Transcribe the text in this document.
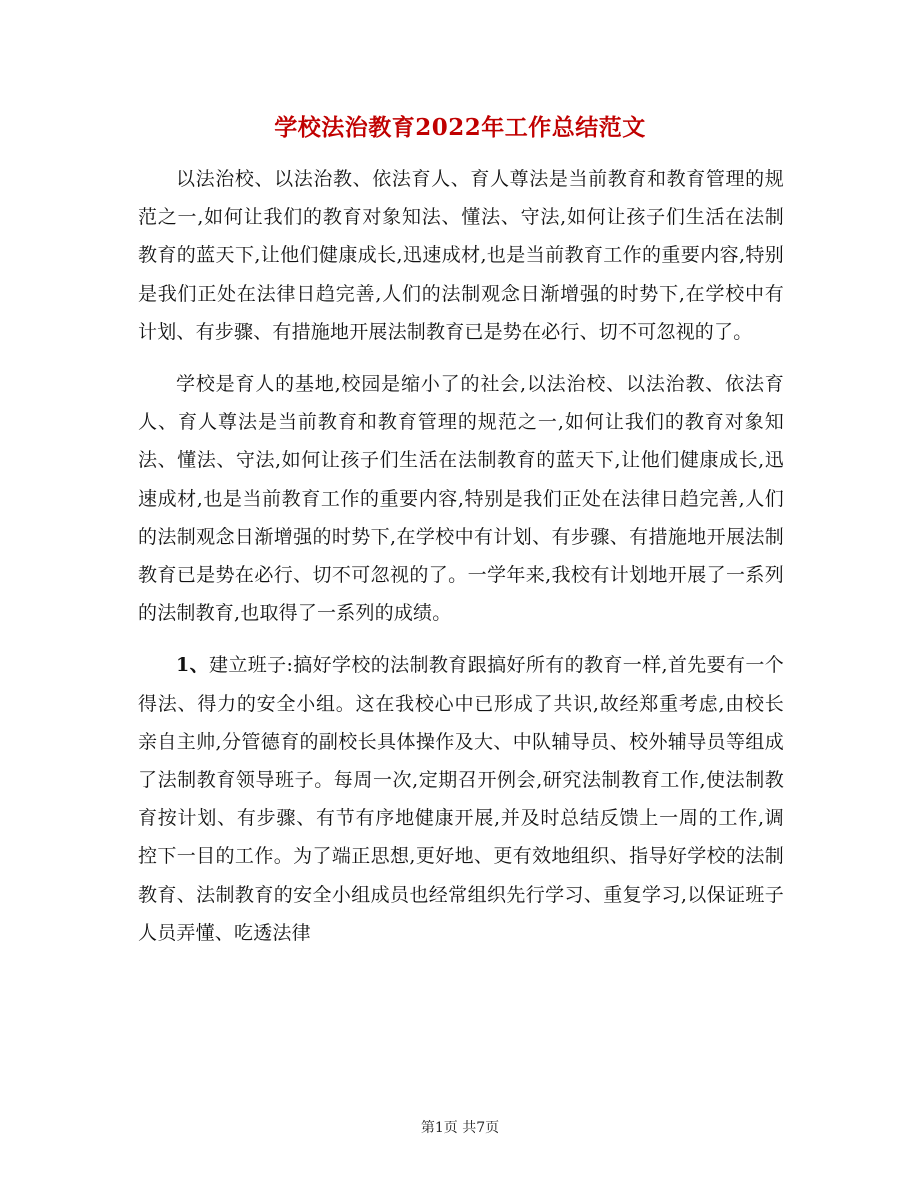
学校法治教育2022年工作总结范文

以法治校、以法治教、依法育人、育人尊法是当前教育和教育管理的规范之一,如何让我们的教育对象知法、懂法、守法,如何让孩子们生活在法制教育的蓝天下,让他们健康成长,迅速成材,也是当前教育工作的重要内容,特别是我们正处在法律日趋完善,人们的法制观念日渐增强的时势下,在学校中有计划、有步骤、有措施地开展法制教育已是势在必行、切不可忽视的了。

学校是育人的基地,校园是缩小了的社会,以法治校、以法治教、依法育人、育人尊法是当前教育和教育管理的规范之一,如何让我们的教育对象知法、懂法、守法,如何让孩子们生活在法制教育的蓝天下,让他们健康成长,迅速成材,也是当前教育工作的重要内容,特别是我们正处在法律日趋完善,人们的法制观念日渐增强的时势下,在学校中有计划、有步骤、有措施地开展法制教育已是势在必行、切不可忽视的了。一学年来,我校有计划地开展了一系列的法制教育,也取得了一系列的成绩。

1、建立班子:搞好学校的法制教育跟搞好所有的教育一样,首先要有一个得法、得力的安全小组。这在我校心中已形成了共识,故经郑重考虑,由校长亲自主帅,分管德育的副校长具体操作及大、中队辅导员、校外辅导员等组成了法制教育领导班子。每周一次,定期召开例会,研究法制教育工作,使法制教育按计划、有步骤、有节有序地健康开展,并及时总结反馈上一周的工作,调控下一目的工作。为了端正思想,更好地、更有效地组织、指导好学校的法制教育、法制教育的安全小组成员也经常组织先行学习、重复学习,以保证班子人员弄懂、吃透法律

第1页 共7页
